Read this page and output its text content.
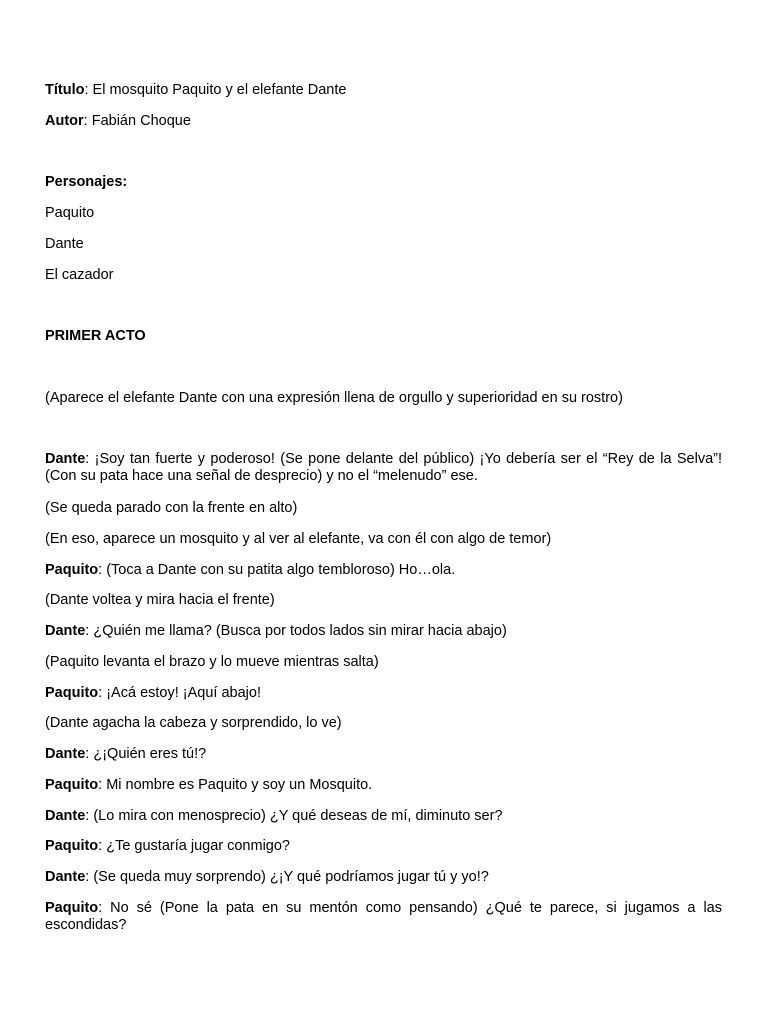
Título: El mosquito Paquito y el elefante Dante

Autor: Fabián Choque

Personajes:

Paquito

Dante

El cazador

PRIMER ACTO

(Aparece el elefante Dante con una expresión llena de orgullo y superioridad en su rostro)

Dante: ¡Soy tan fuerte y poderoso! (Se pone delante del público) ¡Yo debería ser el “Rey de la Selva”! (Con su pata hace una señal de desprecio) y no el “melenudo” ese.

(Se queda parado con la frente en alto)

(En eso, aparece un mosquito y al ver al elefante, va con él con algo de temor)

Paquito: (Toca a Dante con su patita algo tembloroso) Ho…ola.

(Dante voltea y mira hacia el frente)

Dante: ¿Quién me llama? (Busca por todos lados sin mirar hacia abajo)

(Paquito levanta el brazo y lo mueve mientras salta)

Paquito: ¡Acá estoy! ¡Aquí abajo!

(Dante agacha la cabeza y sorprendido, lo ve)

Dante: ¿¡Quién eres tú!?

Paquito: Mi nombre es Paquito y soy un Mosquito.

Dante: (Lo mira con menosprecio) ¿Y qué deseas de mí, diminuto ser?

Paquito: ¿Te gustaría jugar conmigo?

Dante: (Se queda muy sorprendo) ¿¡Y qué podríamos jugar tú y yo!?

Paquito: No sé (Pone la pata en su mentón como pensando) ¿Qué te parece, si jugamos a las escondidas?
